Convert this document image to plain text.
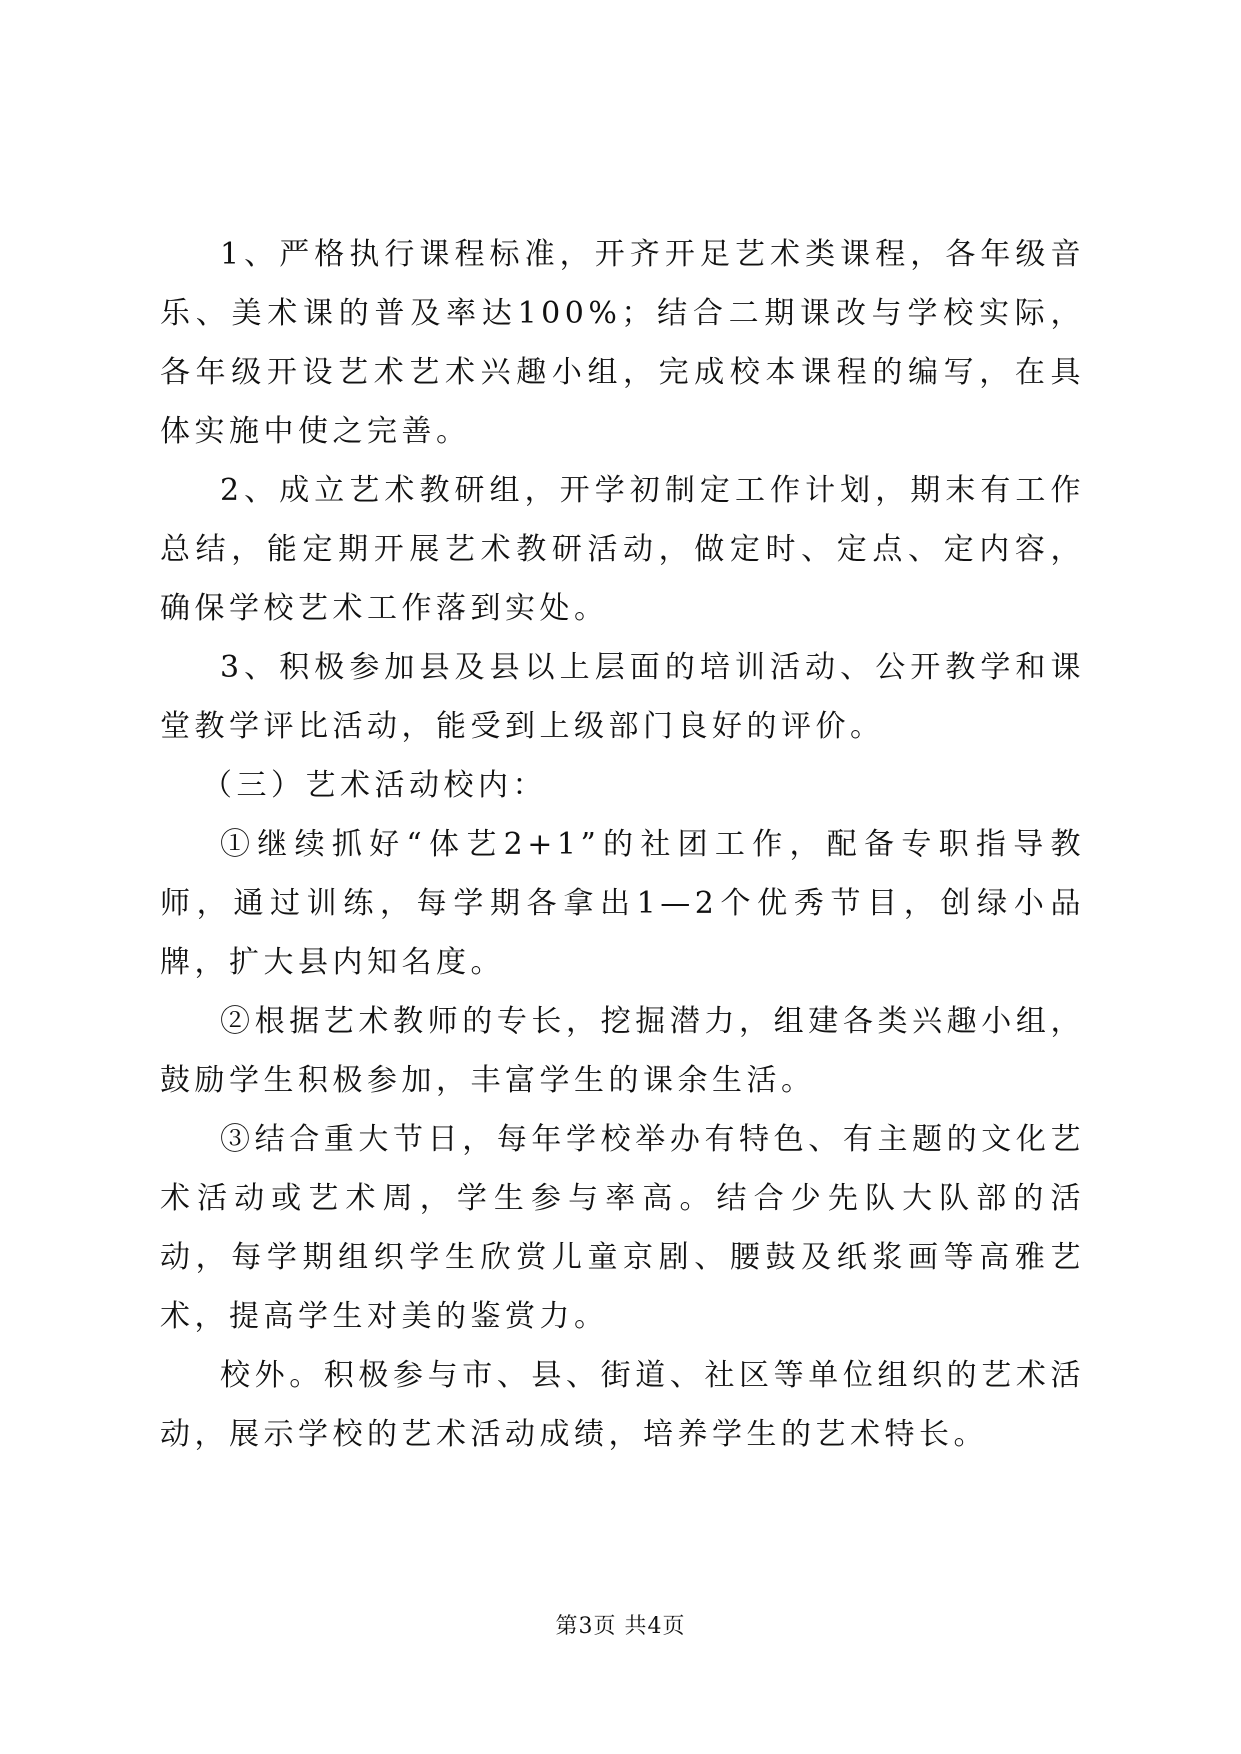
1、严格执行课程标准，开齐开足艺术类课程，各年级音乐、美术课的普及率达100%；结合二期课改与学校实际，各年级开设艺术艺术兴趣小组，完成校本课程的编写，在具体实施中使之完善。

2、成立艺术教研组，开学初制定工作计划，期末有工作总结，能定期开展艺术教研活动，做定时、定点、定内容，确保学校艺术工作落到实处。

3、积极参加县及县以上层面的培训活动、公开教学和课堂教学评比活动，能受到上级部门良好的评价。

（三）艺术活动校内：

①继续抓好“体艺2+1”的社团工作，配备专职指导教师，通过训练，每学期各拿出1—2个优秀节目，创绿小品牌，扩大县内知名度。

②根据艺术教师的专长，挖掘潜力，组建各类兴趣小组，鼓励学生积极参加，丰富学生的课余生活。

③结合重大节日，每年学校举办有特色、有主题的文化艺术活动或艺术周，学生参与率高。结合少先队大队部的活动，每学期组织学生欣赏儿童京剧、腰鼓及纸浆画等高雅艺术，提高学生对美的鉴赏力。

校外。积极参与市、县、街道、社区等单位组织的艺术活动，展示学校的艺术活动成绩，培养学生的艺术特长。

第3页 共4页
